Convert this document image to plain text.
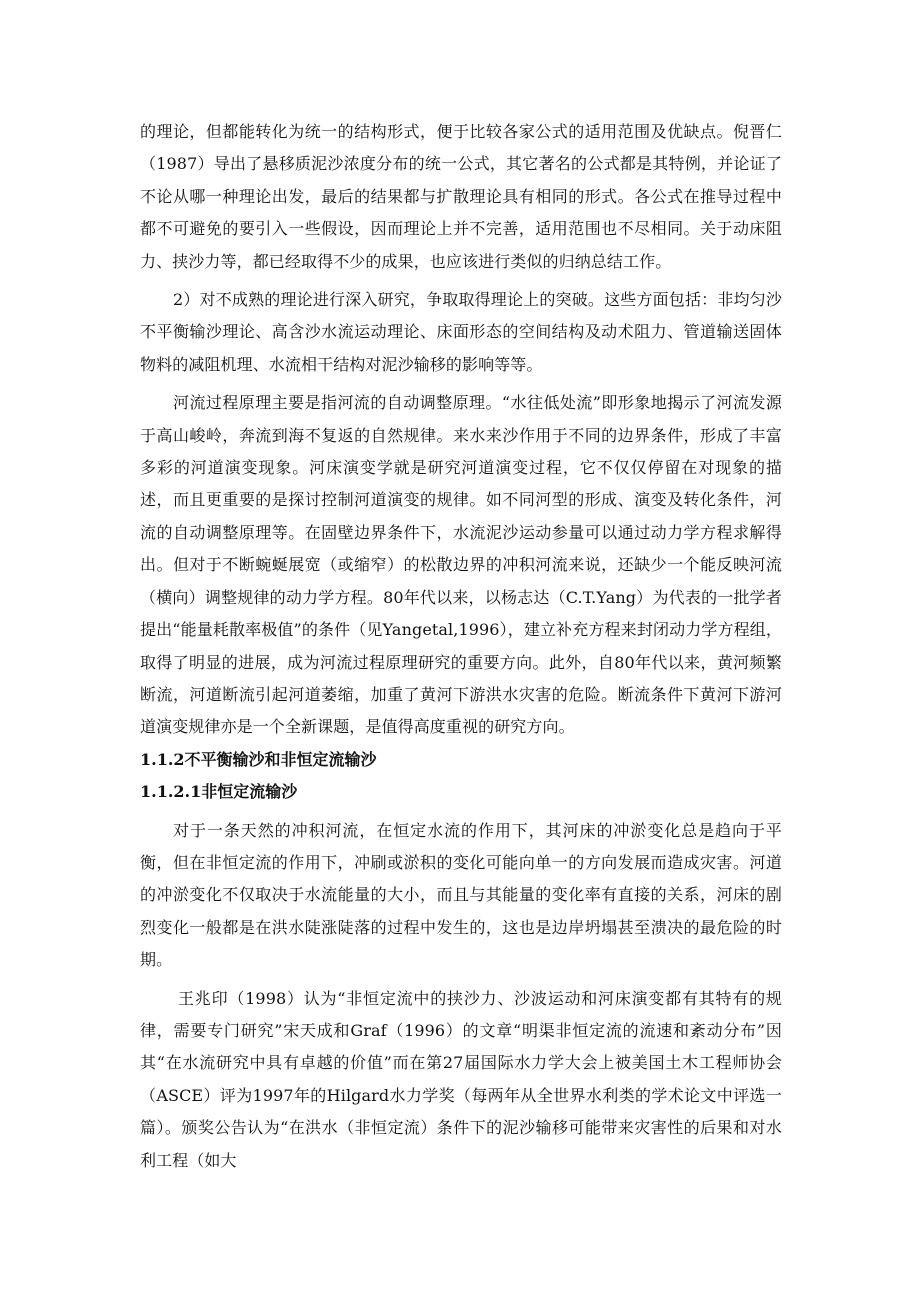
的理论，但都能转化为统一的结构形式，便于比较各家公式的适用范围及优缺点。倪晋仁（1987）导出了悬移质泥沙浓度分布的统一公式，其它著名的公式都是其特例，并论证了不论从哪一种理论出发，最后的结果都与扩散理论具有相同的形式。各公式在推导过程中都不可避免的要引入一些假设，因而理论上并不完善，适用范围也不尽相同。关于动床阻力、挟沙力等，都已经取得不少的成果，也应该进行类似的归纳总结工作。

2）对不成熟的理论进行深入研究，争取取得理论上的突破。这些方面包括：非均匀沙不平衡输沙理论、高含沙水流运动理论、床面形态的空间结构及动术阻力、管道输送固体物料的减阻机理、水流相干结构对泥沙输移的影响等等。

河流过程原理主要是指河流的自动调整原理。“水往低处流”即形象地揭示了河流发源于高山峻岭，奔流到海不复返的自然规律。来水来沙作用于不同的边界条件，形成了丰富多彩的河道演变现象。河床演变学就是研究河道演变过程，它不仅仅停留在对现象的描述，而且更重要的是探讨控制河道演变的规律。如不同河型的形成、演变及转化条件，河流的自动调整原理等。在固壁边界条件下，水流泥沙运动参量可以通过动力学方程求解得出。但对于不断蜿蜒展宽（或缩窄）的松散边界的冲积河流来说，还缺少一个能反映河流（横向）调整规律的动力学方程。80年代以来，以杨志达（C.T.Yang）为代表的一批学者提出“能量耗散率极值”的条件（见Yangetal,1996），建立补充方程来封闭动力学方程组，取得了明显的进展，成为河流过程原理研究的重要方向。此外，自80年代以来，黄河频繁断流，河道断流引起河道萎缩，加重了黄河下游洪水灾害的危险。断流条件下黄河下游河道演变规律亦是一个全新课题，是值得高度重视的研究方向。

1.1.2不平衡输沙和非恒定流输沙

1.1.2.1非恒定流输沙

对于一条天然的冲积河流，在恒定水流的作用下，其河床的冲淤变化总是趋向于平衡，但在非恒定流的作用下，冲刷或淤积的变化可能向单一的方向发展而造成灾害。河道的冲淤变化不仅取决于水流能量的大小，而且与其能量的变化率有直接的关系，河床的剧烈变化一般都是在洪水陡涨陡落的过程中发生的，这也是边岸坍塌甚至溃决的最危险的时期。

王兆印（1998）认为“非恒定流中的挟沙力、沙波运动和河床演变都有其特有的规律，需要专门研究”宋天成和Graf（1996）的文章“明渠非恒定流的流速和紊动分布”因其“在水流研究中具有卓越的价值”而在第27届国际水力学大会上被美国土木工程师协会（ASCE）评为1997年的Hilgard水力学奖（每两年从全世界水利类的学术论文中评选一篇）。颁奖公告认为“在洪水（非恒定流）条件下的泥沙输移可能带来灾害性的后果和对水利工程（如大
